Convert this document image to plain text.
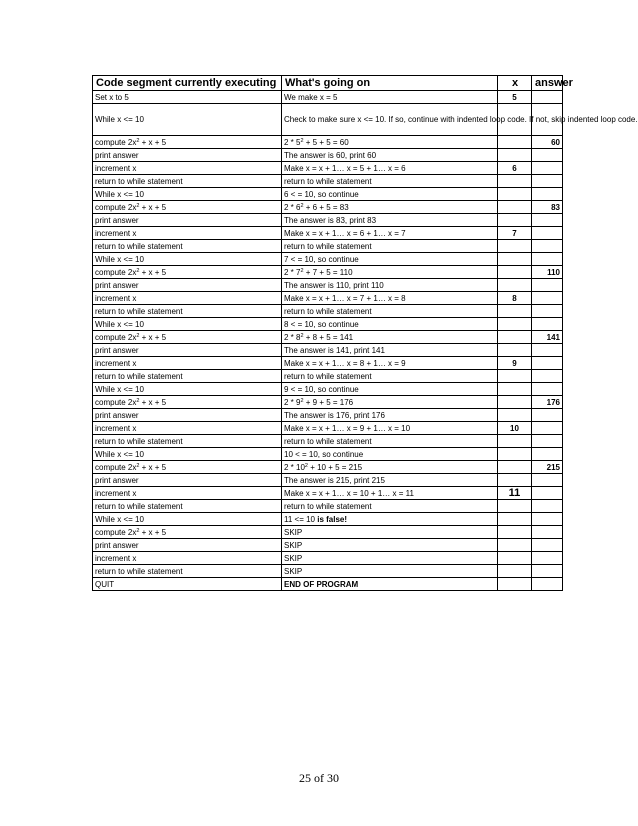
Code segment currently executing	What's going on	x	answer
Set x to 5	We make x = 5	5	
While x <= 10	Check to make sure x <= 10. If so, continue with indented loop code. If not, skip indented loop code.		
compute $2x^2 + x + 5$	$2 * 5^2 + 5 + 5 = 60$		60
print answer	The answer is 60, print 60		
increment x	Make x = x + 1… x = 5 + 1… x = 6	6	
return to while statement	return to while statement		
While x <= 10	6 < = 10, so continue		
compute $2x^2 + x + 5$	$2 * 6^2 + 6 + 5 = 83$		83
print answer	The answer is 83, print 83		
increment x	Make x = x + 1… x = 6 + 1… x = 7	7	
return to while statement	return to while statement		
While x <= 10	7 < = 10, so continue		
compute $2x^2 + x + 5$	$2 * 7^2 + 7 + 5 = 110$		110
print answer	The answer is 110, print 110		
increment x	Make x = x + 1… x = 7 + 1… x = 8	8	
return to while statement	return to while statement		
While x <= 10	8 < = 10, so continue		
compute $2x^2 + x + 5$	$2 * 8^2 + 8 + 5 = 141$		141
print answer	The answer is 141, print 141		
increment x	Make x = x + 1… x = 8 + 1… x = 9	9	
return to while statement	return to while statement		
While x <= 10	9 < = 10, so continue		
compute $2x^2 + x + 5$	$2 * 9^2 + 9 + 5 = 176$		176
print answer	The answer is 176, print 176		
increment x	Make x = x + 1… x = 9 + 1… x = 10	10	
return to while statement	return to while statement		
While x <= 10	10 < = 10, so continue		
compute $2x^2 + x + 5$	$2 * 10^2 + 10 + 5 = 215$		215
print answer	The answer is 215, print 215		
increment x	Make x = x + 1… x = 10 + 1… x = 11	11	
return to while statement	return to while statement		
While x <= 10	11 <= 10 is false!		
compute $2x^2 + x + 5$	SKIP		
print answer	SKIP		
increment x	SKIP		
return to while statement	SKIP		
QUIT	END OF PROGRAM		
25 of 30
